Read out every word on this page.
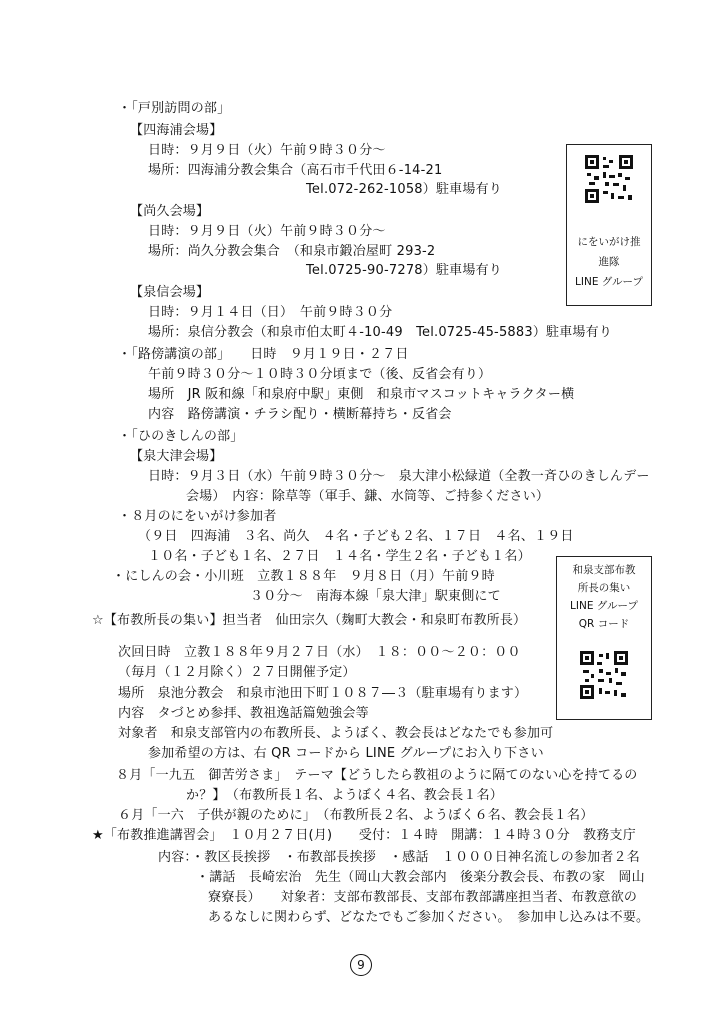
・「戸別訪問の部」
【四海浦会場】
日時：９月９日（火）午前９時３０分～
場所：四海浦分教会集合（高石市千代田６-14-21
Tel.072-262-1058）駐車場有り
【尚久会場】
日時：９月９日（火）午前９時３０分～
場所：尚久分教会集合　（和泉市鍛冶屋町 293-2
Tel.0725-90-7278）駐車場有り
【泉信会場】
日時：９月１４日（日）　午前９時３０分
場所：泉信分教会（和泉市伯太町４-10-49　Tel.0725-45-5883）駐車場有り
・「路傍講演の部」　　日時　９月１９日・２７日
午前９時３０分～１０時３０分頃まで（後、反省会有り）
場所　JR 阪和線「和泉府中駅」東側　和泉市マスコットキャラクター横
内容　路傍講演・チラシ配り・横断幕持ち・反省会
・「ひのきしんの部」
【泉大津会場】
日時：９月３日（水）午前９時３０分～　泉大津小松緑道（全教一斉ひのきしんデー
会場）　内容：除草等（軍手、鎌、水筒等、ご持参ください）
・８月のにをいがけ参加者
（９日　四海浦　３名、尚久　４名・子ども２名、１７日　４名、１９日
１０名・子ども１名、２７日　１４名・学生２名・子ども１名）
・にしんの会・小川班　立教１８８年　９月８日（月）午前９時
３０分～　南海本線「泉大津」駅東側にて
☆【布教所長の集い】担当者　仙田宗久（麹町大教会・和泉町布教所長）
次回日時　立教１８８年９月２７日（水）　１８：００～２０：００
（毎月（１２月除く）２７日開催予定）
場所　泉池分教会　和泉市池田下町１０８７―３（駐車場有ります）
内容　タづとめ参拝、教祖逸話篇勉強会等
対象者　和泉支部管内の布教所長、ようぼく、教会長はどなたでも参加可
参加希望の方は、右 QR コードから LINE グループにお入り下さい
８月「一九五　御苦労さま」　テーマ【どうしたら教祖のように隔てのない心を持てるの
か？】　（布教所長１名、ようぼく４名、教会長１名）
６月「一六　子供が親のために」　（布教所長２名、ようぼく６名、教会長１名）
★「布教推進講習会」　１０月２７日(月)　　受付：１４時　開講：１４時３０分　教務支庁
内容：・教区長挨拶　・布教部長挨拶　・感話　１０００日神名流しの参加者２名
・講話　長崎宏治　先生（岡山大教会部内　後楽分教会長、布教の家　岡山
寮寮長）　　対象者：支部布教部長、支部布教部講座担当者、布教意欲の
あるなしに関わらず、どなたでもご参加ください。　参加申し込みは不要。
にをいがけ推
進隊
LINE グループ
和泉支部布教
所長の集い
LINE グループ
QR コード
9
